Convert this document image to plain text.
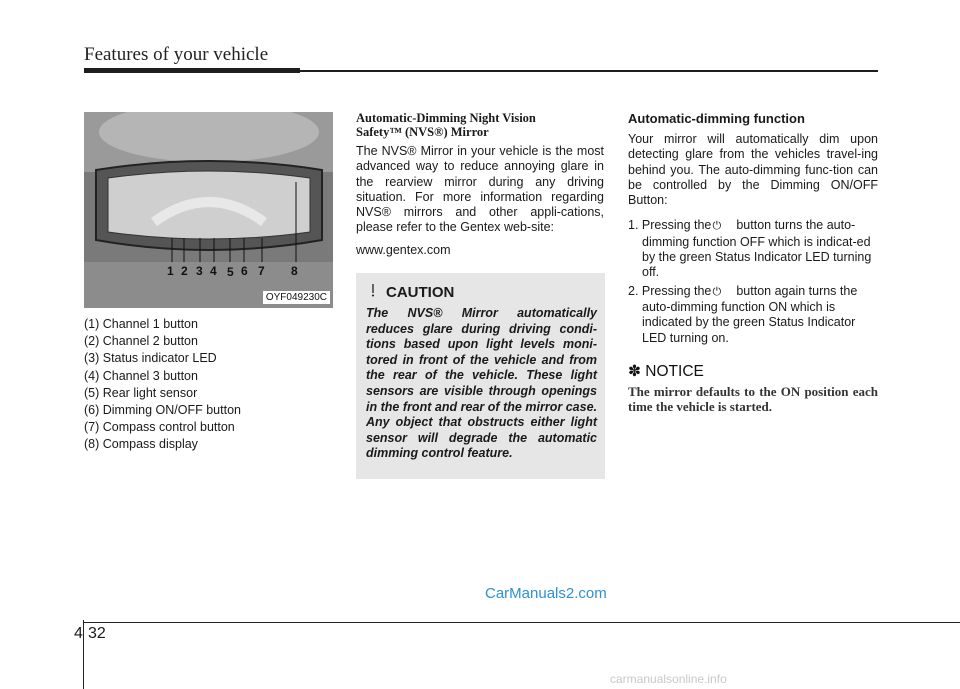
Features of your vehicle
1 2 3 4 5 6 7 8
OYF049230C
(1) Channel 1 button
(2) Channel 2 button
(3) Status indicator LED
(4) Channel 3 button
(5) Rear light sensor
(6) Dimming ON/OFF button
(7) Compass control button
(8) Compass display
Automatic-Dimming Night Vision
Safety™ (NVS®) Mirror
The NVS® Mirror in your vehicle is the most advanced way to reduce annoying glare in the rearview mirror during any driving situation. For more information regarding NVS® mirrors and other appli-cations, please refer to the Gentex web-site:
www.gentex.com
CAUTION
The NVS® Mirror automatically reduces glare during driving condi-tions based upon light levels moni-tored in front of the vehicle and from the rear of the vehicle. These light sensors are visible through openings in the front and rear of the mirror case. Any object that obstructs either light sensor will degrade the automatic dimming control feature.
Automatic-dimming function
Your mirror will automatically dim upon detecting glare from the vehicles travel-ing behind you. The auto-dimming func-tion can be controlled by the Dimming ON/OFF Button:
1. Pressing the ⏻ button turns the auto-dimming function OFF which is indicat-ed by the green Status Indicator LED turning off.
2. Pressing the ⏻ button again turns the auto-dimming function ON which is indicated by the green Status Indicator LED turning on.
✽ NOTICE
The mirror defaults to the ON position each time the vehicle is started.
CarManuals2.com
4 32
carmanualsonline.info
